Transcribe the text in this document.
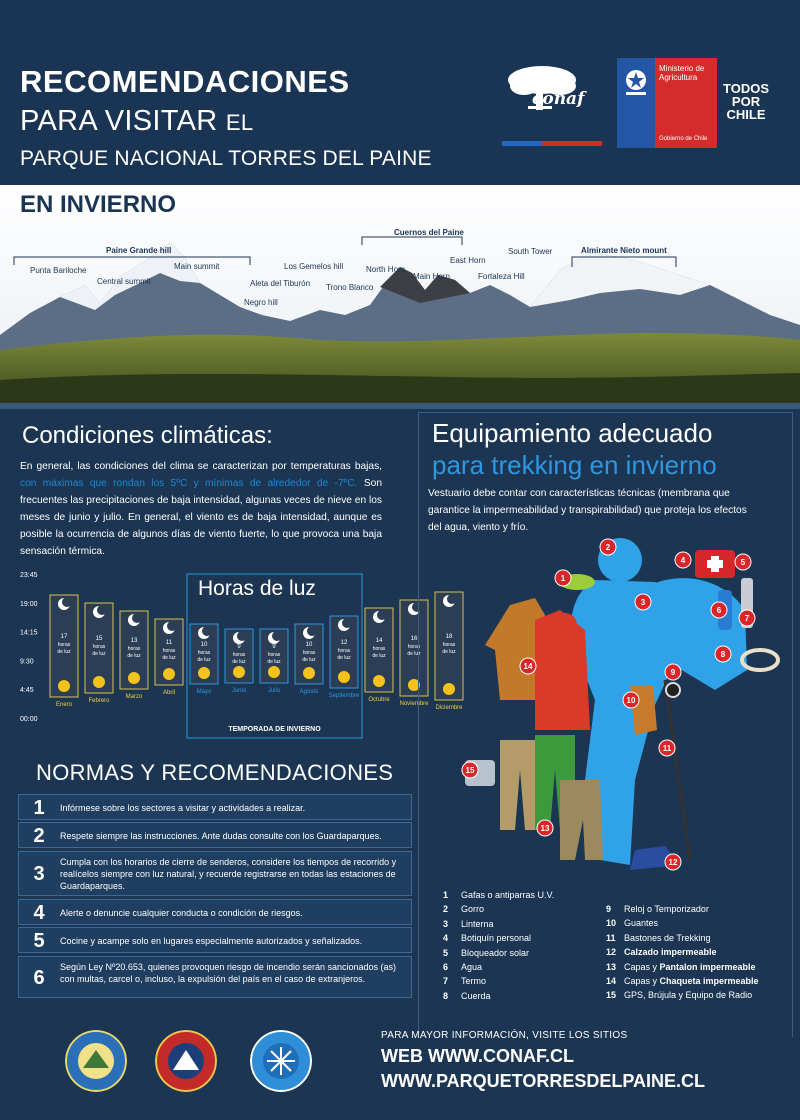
RECOMENDACIONES
PARA VISITAR EL
PARQUE NACIONAL TORRES DEL PAINE
conaf
Ministerio de Agricultura
Gobierno de Chile
TODOS
POR
CHILE
EN INVIERNO
Paine Grande hill
Punta Bariloche
Central summit
Main summit
Aleta del Tiburón
Negro hill
Los Gemelos hill
Trono Blanco
Cuernos del Paine
North Horn
Main Horn
East Horn
Fortaleza Hill
South Tower	Almirante Nieto mount
Condiciones climáticas:
En general, las condiciones del clima se caracterizan por temperaturas bajas, con máximas que rondan los 5ºC y mínimas de alrededor de -7ºC. Son frecuentes las precipitaciones de baja intensidad, algunas veces de nieve en los meses de junio y julio. En general, el viento es de baja intensidad, aunque es posible la ocurrencia de algunos días de viento fuerte, lo que provoca una baja sensación térmica.
23:45
19:00
14:15
9:30
4:45
00:00
TEMPORADA DE INVIERNO
17
horas
de luz
Enero
15
horas
de luz
Febrero
13
horas
de luz
Marzo
11
horas
de luz
Abril
10
horas
de luz
Mayo
9
horas
de luz
Junio
9
horas
de luz
Julio
10
horas
de luz
Agosto
12
horas
de luz
Septiembre
14
horas
de luz
Octubre
16
horas
de luz
Noviembre
18
horas
de luz
Diciembre
Horas de luz
Equipamiento adecuado
para trekking en invierno
Vestuario debe contar con características técnicas (membrana que garantice la impermeabilidad y transpirabilidad) que proteja los efectos del agua, viento y frío.
1
2
3
4	5
6
7
8
9
10
11
12
13
14
15
1 Gafas o antiparras U.V.
2 Gorro
3 Linterna
4 Botiquín personal
5 Bloqueador solar
6 Agua
7 Termo
8 Cuerda
9 Reloj o Temporizador
10 Guantes
11 Bastones de Trekking
12 Calzado impermeable
13 Capas y Pantalon impermeable
14 Capas y Chaqueta impermeable
15 GPS, Brújula y Equipo de Radio
NORMAS Y RECOMENDACIONES
1	Infórmese sobre los sectores a visitar y actividades a realizar.
2	Respete siempre las instrucciones. Ante dudas consulte con los Guardaparques.
3
Cumpla con los horarios de cierre de senderos, considere los tiempos de recorrido y realícelos siempre con luz natural, y recuerde registrarse en todas las estaciones de Guardaparques.
4	Alerte o denuncie cualquier conducta o condición de riesgos.
5	Cocine y acampe solo en lugares especialmente autorizados y señalizados.
6	Según Ley Nº20.653, quienes provoquen riesgo de incendio serán sancionados (as) con multas, carcel o, incluso, la expulsión del país en el caso de extranjeros.
PARA MAYOR INFORMACIÓN, VISITE LOS SITIOS
WEB WWW.CONAF.CL
WWW.PARQUETORRESDELPAINE.CL
